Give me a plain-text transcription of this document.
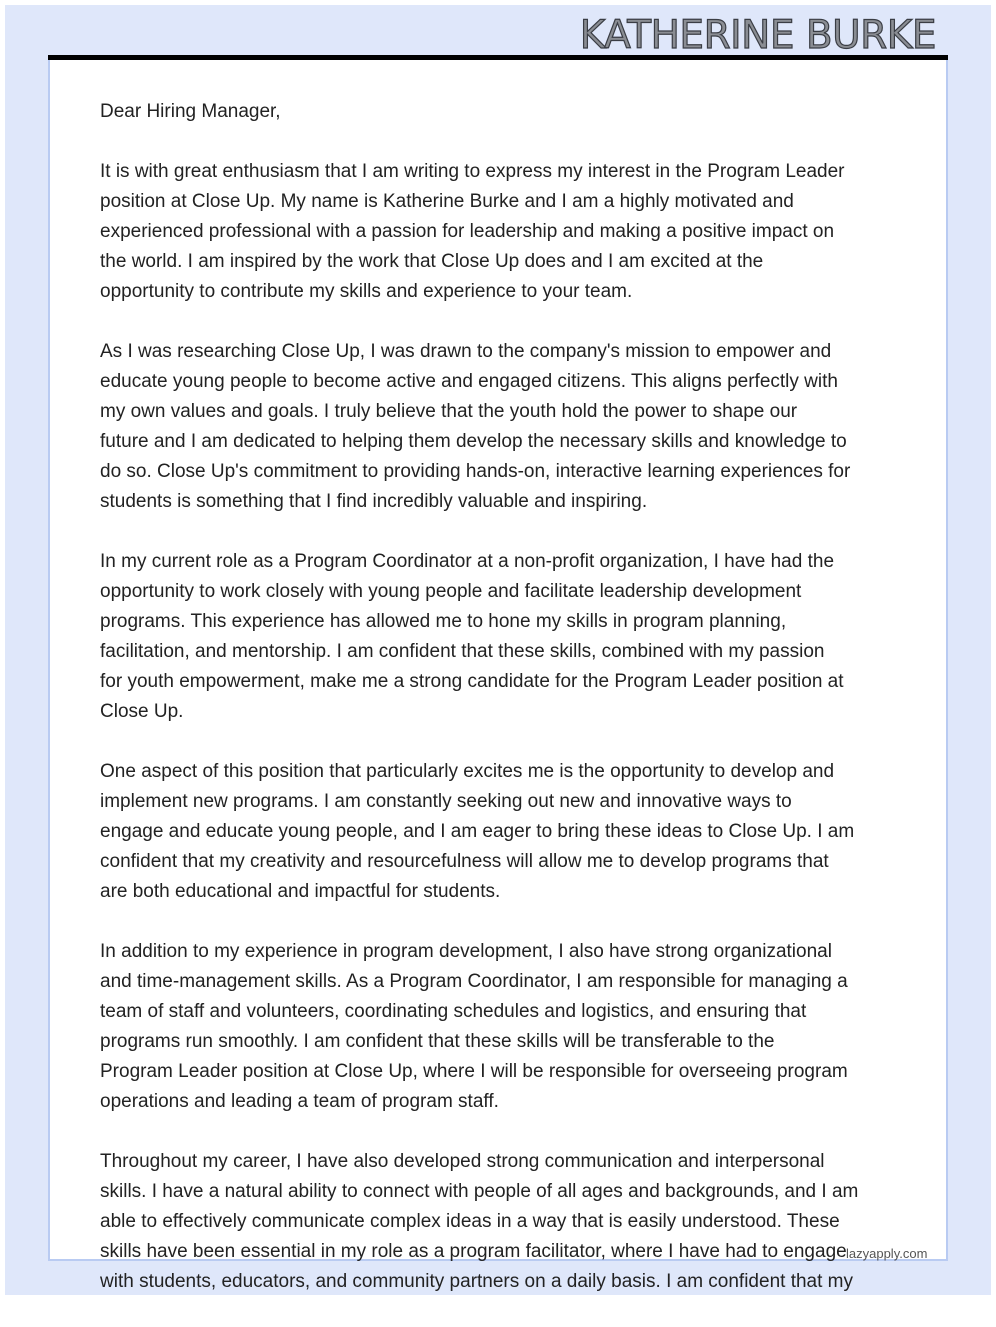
KATHERINE BURKE
Dear Hiring Manager,
It is with great enthusiasm that I am writing to express my interest in the Program Leader
position at Close Up. My name is Katherine Burke and I am a highly motivated and
experienced professional with a passion for leadership and making a positive impact on
the world. I am inspired by the work that Close Up does and I am excited at the
opportunity to contribute my skills and experience to your team.
As I was researching Close Up, I was drawn to the company's mission to empower and
educate young people to become active and engaged citizens. This aligns perfectly with
my own values and goals. I truly believe that the youth hold the power to shape our
future and I am dedicated to helping them develop the necessary skills and knowledge to
do so. Close Up's commitment to providing hands-on, interactive learning experiences for
students is something that I find incredibly valuable and inspiring.
In my current role as a Program Coordinator at a non-profit organization, I have had the
opportunity to work closely with young people and facilitate leadership development
programs. This experience has allowed me to hone my skills in program planning,
facilitation, and mentorship. I am confident that these skills, combined with my passion
for youth empowerment, make me a strong candidate for the Program Leader position at
Close Up.
One aspect of this position that particularly excites me is the opportunity to develop and
implement new programs. I am constantly seeking out new and innovative ways to
engage and educate young people, and I am eager to bring these ideas to Close Up. I am
confident that my creativity and resourcefulness will allow me to develop programs that
are both educational and impactful for students.
In addition to my experience in program development, I also have strong organizational
and time-management skills. As a Program Coordinator, I am responsible for managing a
team of staff and volunteers, coordinating schedules and logistics, and ensuring that
programs run smoothly. I am confident that these skills will be transferable to the
Program Leader position at Close Up, where I will be responsible for overseeing program
operations and leading a team of program staff.
Throughout my career, I have also developed strong communication and interpersonal
skills. I have a natural ability to connect with people of all ages and backgrounds, and I am
able to effectively communicate complex ideas in a way that is easily understood. These
skills have been essential in my role as a program facilitator, where I have had to engage
with students, educators, and community partners on a daily basis. I am confident that my
lazyapply.com
